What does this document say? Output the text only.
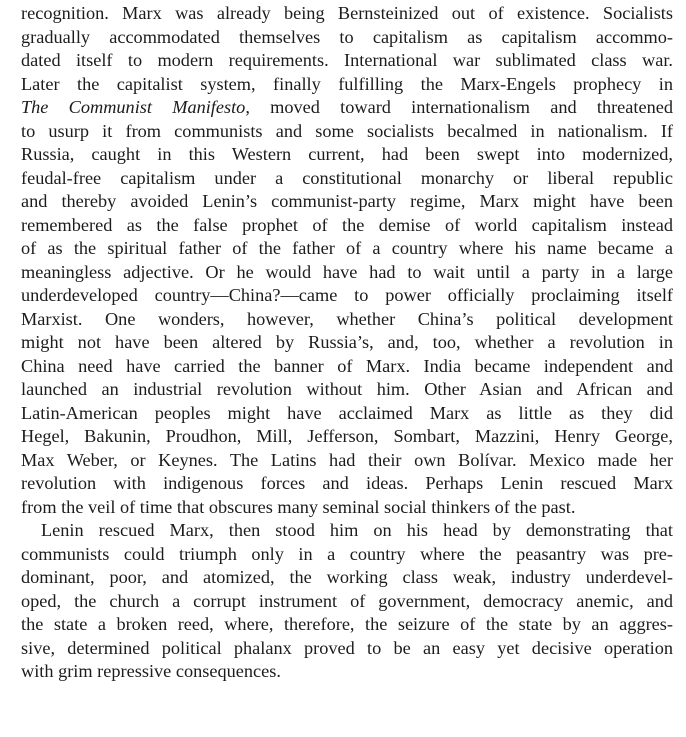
recognition. Marx was already being Bernsteinized out of existence. Socialists
gradually accommodated themselves to capitalism as capitalism accommo-
dated itself to modern requirements. International war sublimated class war.
Later the capitalist system, finally fulfilling the Marx-Engels prophecy in
The Communist Manifesto, moved toward internationalism and threatened
to usurp it from communists and some socialists becalmed in nationalism. If
Russia, caught in this Western current, had been swept into modernized,
feudal-free capitalism under a constitutional monarchy or liberal republic
and thereby avoided Lenin’s communist-party regime, Marx might have been
remembered as the false prophet of the demise of world capitalism instead
of as the spiritual father of the father of a country where his name became a
meaningless adjective. Or he would have had to wait until a party in a large
underdeveloped country—China?—came to power officially proclaiming itself
Marxist. One wonders, however, whether China’s political development
might not have been altered by Russia’s, and, too, whether a revolution in
China need have carried the banner of Marx. India became independent and
launched an industrial revolution without him. Other Asian and African and
Latin-American peoples might have acclaimed Marx as little as they did
Hegel, Bakunin, Proudhon, Mill, Jefferson, Sombart, Mazzini, Henry George,
Max Weber, or Keynes. The Latins had their own Bolívar. Mexico made her
revolution with indigenous forces and ideas. Perhaps Lenin rescued Marx
from the veil of time that obscures many seminal social thinkers of the past.
Lenin rescued Marx, then stood him on his head by demonstrating that
communists could triumph only in a country where the peasantry was pre-
dominant, poor, and atomized, the working class weak, industry underdevel-
oped, the church a corrupt instrument of government, democracy anemic, and
the state a broken reed, where, therefore, the seizure of the state by an aggres-
sive, determined political phalanx proved to be an easy yet decisive operation
with grim repressive consequences.
